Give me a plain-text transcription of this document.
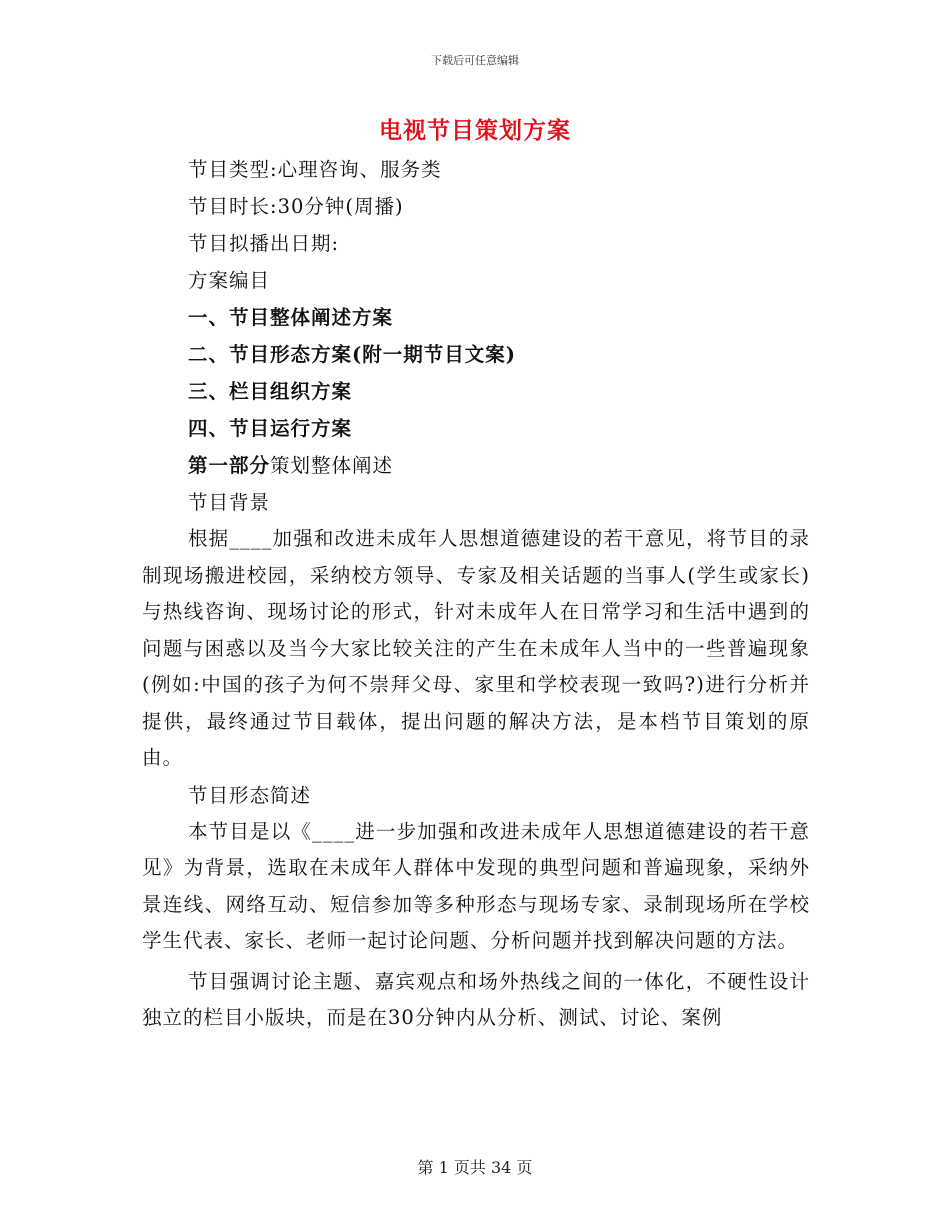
下载后可任意编辑
电视节目策划方案
节目类型:心理咨询、服务类
节目时长:30分钟(周播)
节目拟播出日期:
方案编目
一、节目整体阐述方案
二、节目形态方案(附一期节目文案)
三、栏目组织方案
四、节目运行方案
第一部分策划整体阐述
节目背景

根据____加强和改进未成年人思想道德建设的若干意见，将节目的录制现场搬进校园，采纳校方领导、专家及相关话题的当事人(学生或家长)与热线咨询、现场讨论的形式，针对未成年人在日常学习和生活中遇到的问题与困惑以及当今大家比较关注的产生在未成年人当中的一些普遍现象(例如:中国的孩子为何不崇拜父母、家里和学校表现一致吗?)进行分析并提供，最终通过节目载体，提出问题的解决方法，是本档节目策划的原由。

节目形态简述

本节目是以《____进一步加强和改进未成年人思想道德建设的若干意见》为背景，选取在未成年人群体中发现的典型问题和普遍现象，采纳外景连线、网络互动、短信参加等多种形态与现场专家、录制现场所在学校学生代表、家长、老师一起讨论问题、分析问题并找到解决问题的方法。

节目强调讨论主题、嘉宾观点和场外热线之间的一体化，不硬性设计独立的栏目小版块，而是在30分钟内从分析、测试、讨论、案例

第 1 页共 34 页
